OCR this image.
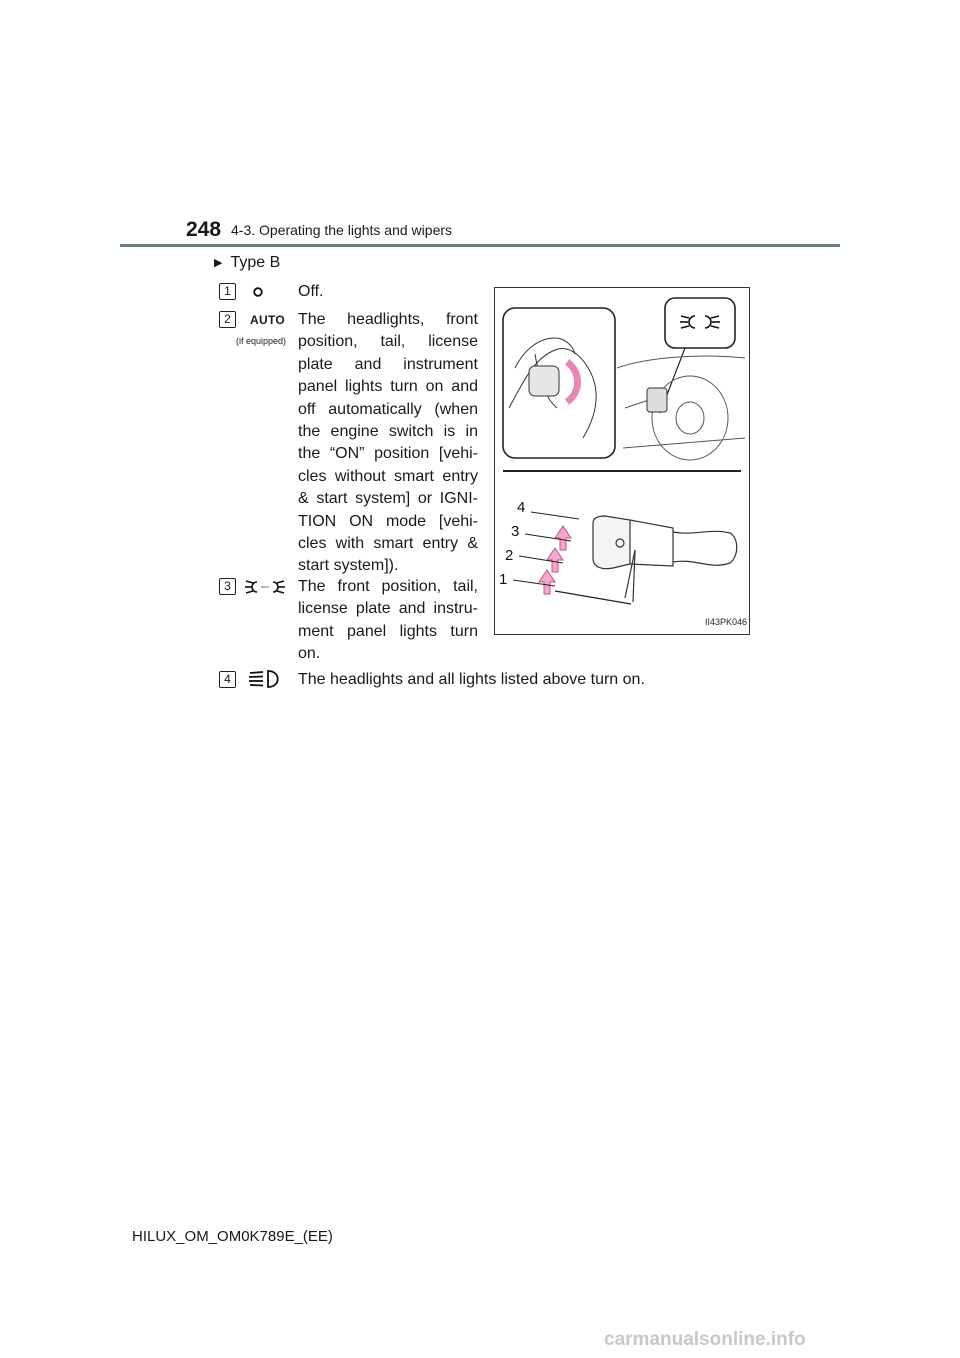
248 4-3. Operating the lights and wipers
▶ Type B
1	Off.
2	AUTO
(if equipped)
The headlights, front
position, tail, license
plate and instrument
panel lights turn on and
off automatically (when
the engine switch is in
the “ON” position [vehi-
cles without smart entry
& start system] or IGNI-
TION ON mode [vehi-
cles with smart entry &
start system]).
3	The front position, tail,
license plate and instru-
ment panel lights turn
on.
4	The headlights and all lights listed above turn on.
4
3
2
1
II43PK046
HILUX_OM_OM0K789E_(EE)
carmanualsonline.info
